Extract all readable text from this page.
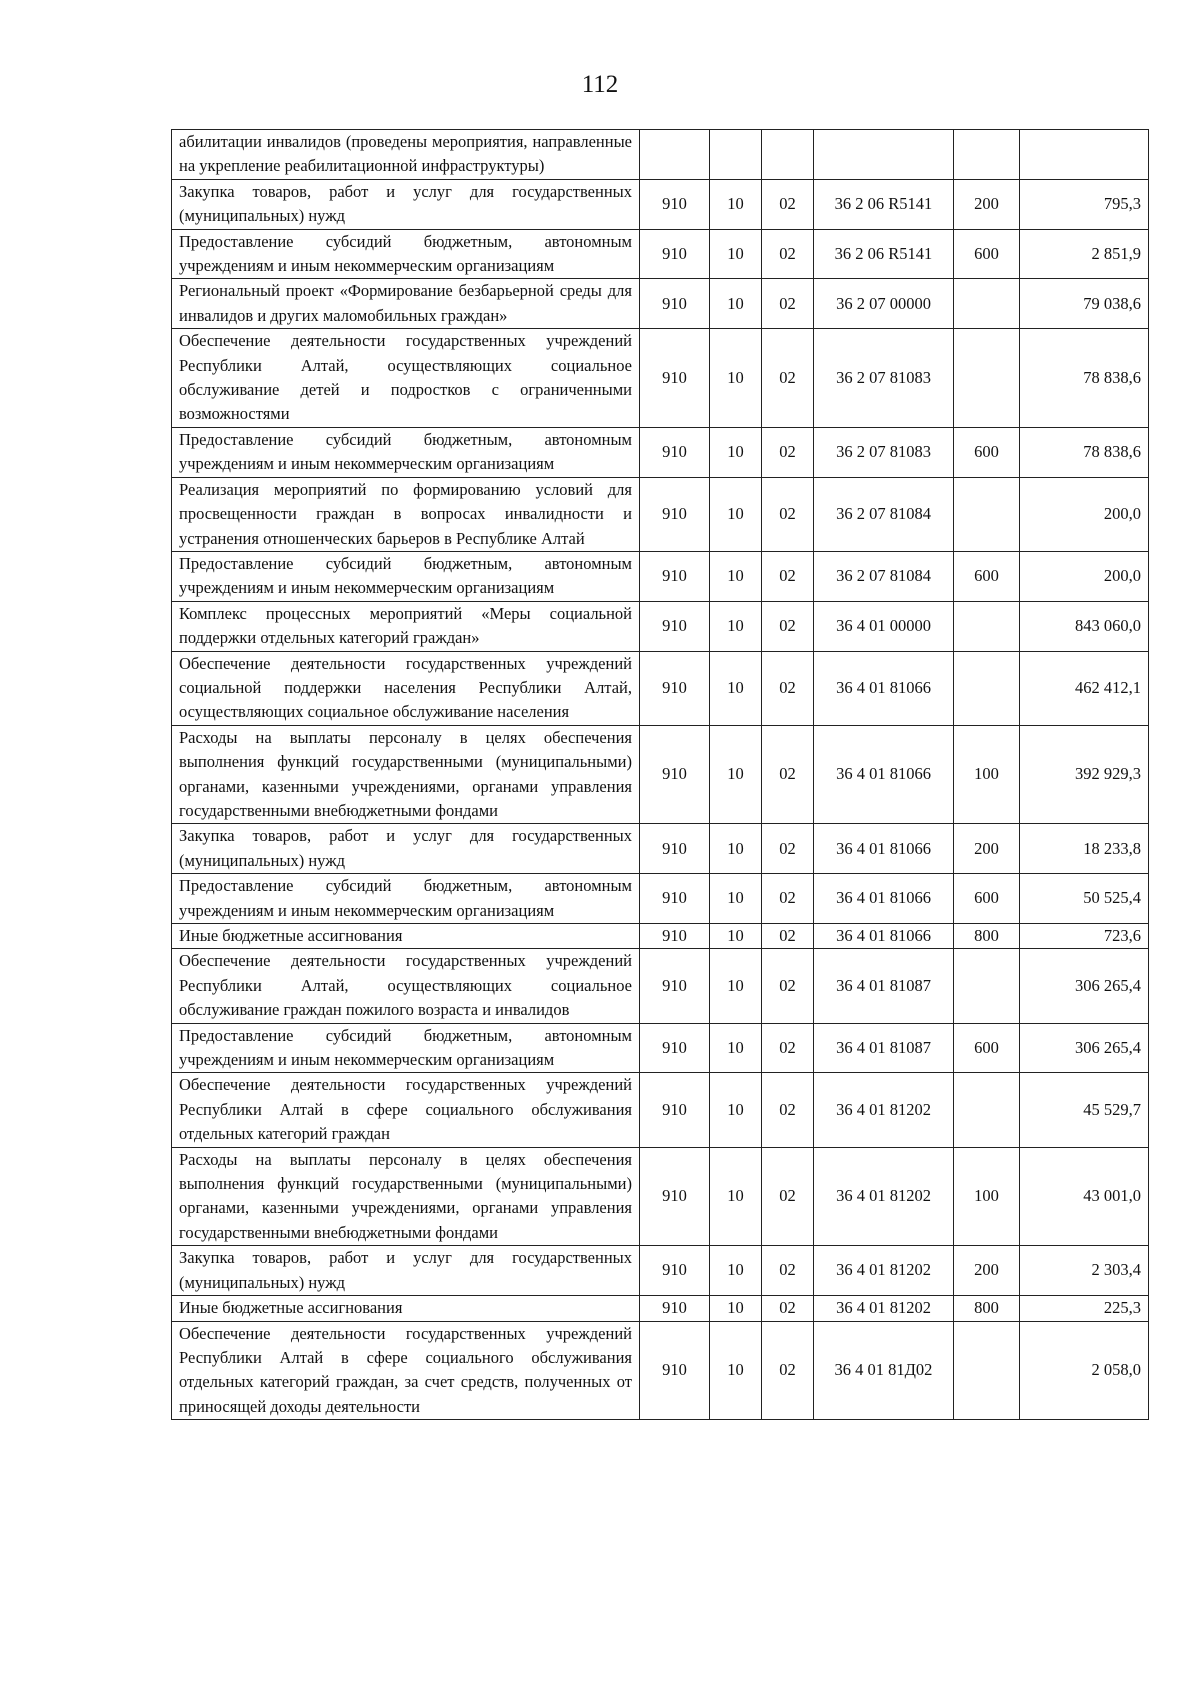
112
абилитации инвалидов (проведены мероприятия, направленные на укрепление реабилитационной инфраструктуры)						
Закупка товаров, работ и услуг для государственных (муниципальных) нужд	910	10	02	36 2 06 R5141	200	795,3
Предоставление субсидий бюджетным, автономным учреждениям и иным некоммерческим организациям	910	10	02	36 2 06 R5141	600	2 851,9
Региональный проект «Формирование безбарьерной среды для инвалидов и других маломобильных граждан»	910	10	02	36 2 07 00000		79 038,6
Обеспечение деятельности государственных учреждений Республики Алтай, осуществляющих социальное обслуживание детей и подростков с ограниченными возможностями	910	10	02	36 2 07 81083		78 838,6
Предоставление субсидий бюджетным, автономным учреждениям и иным некоммерческим организациям	910	10	02	36 2 07 81083	600	78 838,6
Реализация мероприятий по формированию условий для просвещенности граждан в вопросах инвалидности и устранения отношенческих барьеров в Республике Алтай	910	10	02	36 2 07 81084		200,0
Предоставление субсидий бюджетным, автономным учреждениям и иным некоммерческим организациям	910	10	02	36 2 07 81084	600	200,0
Комплекс процессных мероприятий «Меры социальной поддержки отдельных категорий граждан»	910	10	02	36 4 01 00000		843 060,0
Обеспечение деятельности государственных учреждений социальной поддержки населения Республики Алтай, осуществляющих социальное обслуживание населения	910	10	02	36 4 01 81066		462 412,1
Расходы на выплаты персоналу в целях обеспечения выполнения функций государственными (муниципальными) органами, казенными учреждениями, органами управления государственными внебюджетными фондами	910	10	02	36 4 01 81066	100	392 929,3
Закупка товаров, работ и услуг для государственных (муниципальных) нужд	910	10	02	36 4 01 81066	200	18 233,8
Предоставление субсидий бюджетным, автономным учреждениям и иным некоммерческим организациям	910	10	02	36 4 01 81066	600	50 525,4
Иные бюджетные ассигнования	910	10	02	36 4 01 81066	800	723,6
Обеспечение деятельности государственных учреждений Республики Алтай, осуществляющих социальное обслуживание граждан пожилого возраста и инвалидов	910	10	02	36 4 01 81087		306 265,4
Предоставление субсидий бюджетным, автономным учреждениям и иным некоммерческим организациям	910	10	02	36 4 01 81087	600	306 265,4
Обеспечение деятельности государственных учреждений Республики Алтай в сфере социального обслуживания отдельных категорий граждан	910	10	02	36 4 01 81202		45 529,7
Расходы на выплаты персоналу в целях обеспечения выполнения функций государственными (муниципальными) органами, казенными учреждениями, органами управления государственными внебюджетными фондами	910	10	02	36 4 01 81202	100	43 001,0
Закупка товаров, работ и услуг для государственных (муниципальных) нужд	910	10	02	36 4 01 81202	200	2 303,4
Иные бюджетные ассигнования	910	10	02	36 4 01 81202	800	225,3
Обеспечение деятельности государственных учреждений Республики Алтай в сфере социального обслуживания отдельных категорий граждан, за счет средств, полученных от приносящей доходы деятельности	910	10	02	36 4 01 81Д02		2 058,0
